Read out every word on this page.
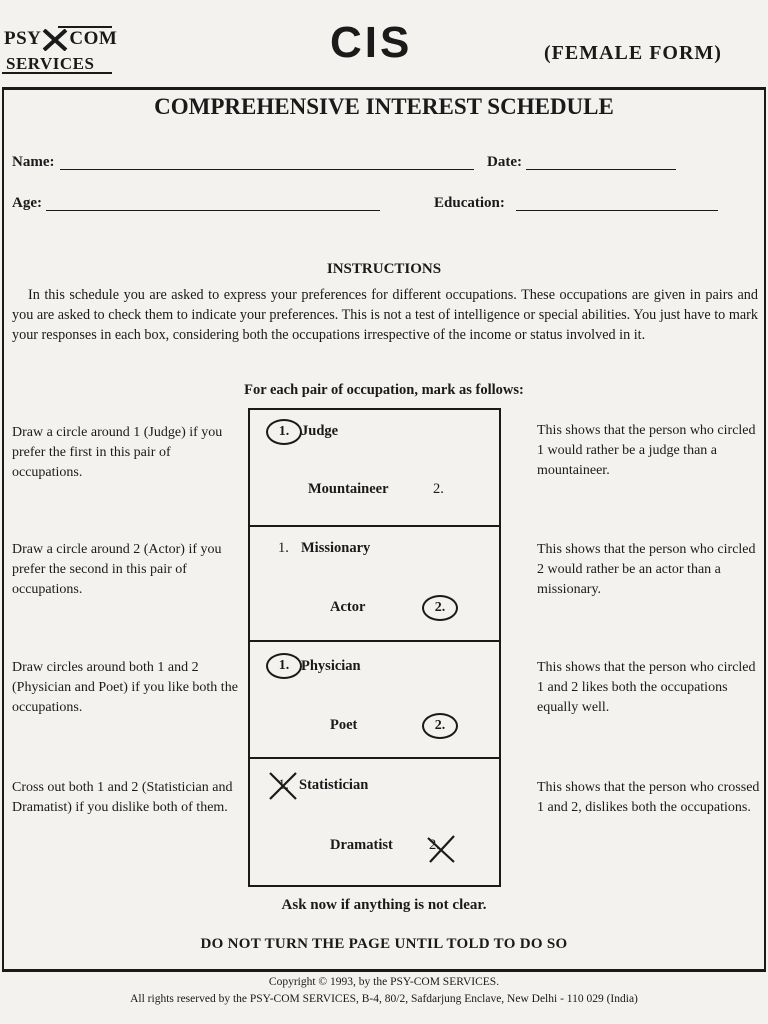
PSY COM
SERVICES	CIS	(FEMALE FORM)
COMPREHENSIVE INTEREST SCHEDULE
Name:	Date:
Age:	Education:
INSTRUCTIONS
In this schedule you are asked to express your preferences for different occupations. These occupations are given in pairs and you are asked to check them to indicate your preferences. This is not a test of intelligence or special abilities. You just have to mark your responses in each box, considering both the occupations irrespective of the income or status involved in it.
For each pair of occupation, mark as follows:
Draw a circle around 1 (Judge) if you prefer the first in this pair of occupations.
1. Judge
Mountaineer	2.
This shows that the person who circled 1 would rather be a judge than a mountaineer.
Draw a circle around 2 (Actor) if you prefer the second in this pair of occupations.
1. Missionary
Actor	2.
This shows that the person who circled 2 would rather be an actor than a missionary.
Draw circles around both 1 and 2 (Physician and Poet) if you like both the occupations.
1. Physician
Poet	2.
This shows that the person who circled 1 and 2 likes both the occupations equally well.
Cross out both 1 and 2 (Statistician and Dramatist) if you dislike both of them.
1. Statistician
Dramatist 2.
This shows that the person who crossed 1 and 2, dislikes both the occupations.
Ask now if anything is not clear.
DO NOT TURN THE PAGE UNTIL TOLD TO DO SO
Copyright © 1993, by the PSY-COM SERVICES.
All rights reserved by the PSY-COM SERVICES, B-4, 80/2, Safdarjung Enclave, New Delhi - 110 029 (India)
